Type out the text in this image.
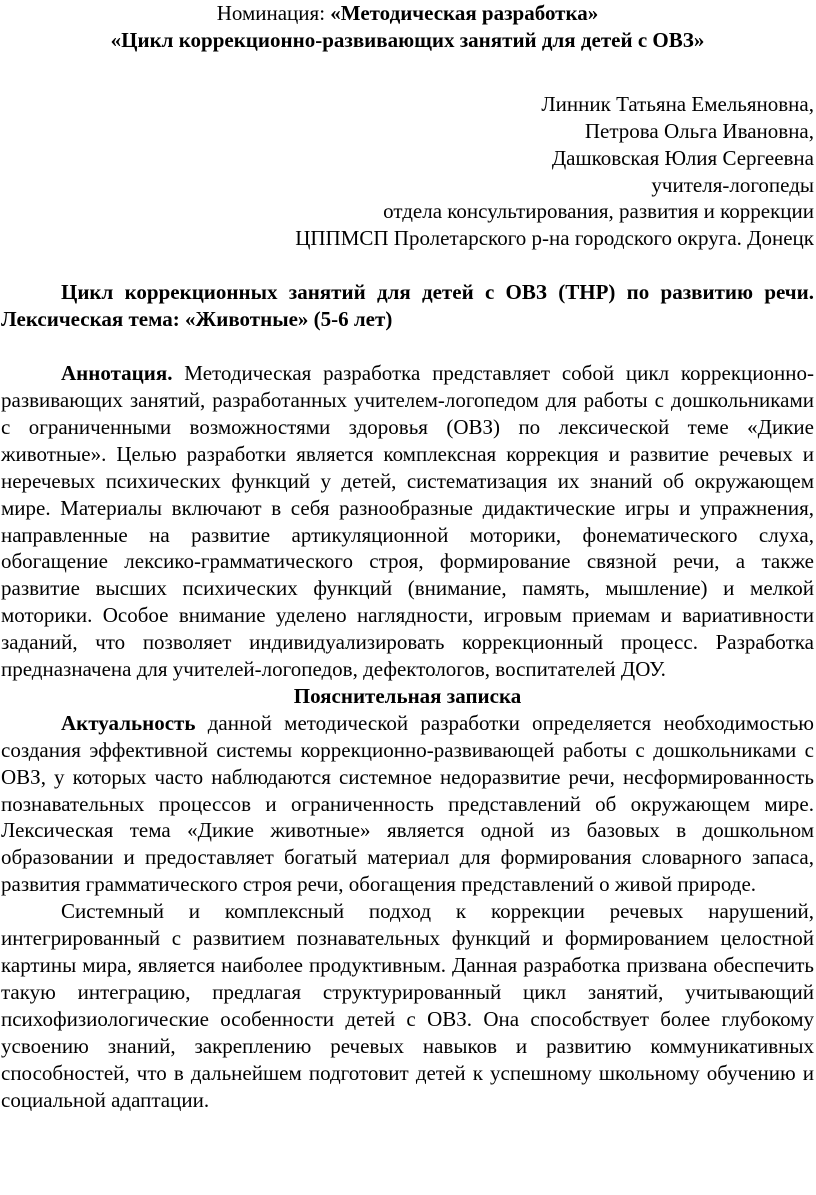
Номинация: «Методическая разработка»

«Цикл коррекционно-развивающих занятий для детей с ОВЗ»

Линник Татьяна Емельяновна,

Петрова Ольга Ивановна,

Дашковская Юлия Сергеевна

учителя-логопеды

отдела консультирования, развития и коррекции

ЦППМСП Пролетарского р-на городского округа. Донецк

Цикл коррекционных занятий для детей с ОВЗ (ТНР) по развитию речи. Лексическая тема: «Животные» (5-6 лет)

Аннотация. Методическая разработка представляет собой цикл коррекционно-развивающих занятий, разработанных учителем-логопедом для работы с дошкольниками с ограниченными возможностями здоровья (ОВЗ) по лексической теме «Дикие животные». Целью разработки является комплексная коррекция и развитие речевых и неречевых психических функций у детей, систематизация их знаний об окружающем мире. Материалы включают в себя разнообразные дидактические игры и упражнения, направленные на развитие артикуляционной моторики, фонематического слуха, обогащение лексико-грамматического строя, формирование связной речи, а также развитие высших психических функций (внимание, память, мышление) и мелкой моторики. Особое внимание уделено наглядности, игровым приемам и вариативности заданий, что позволяет индивидуализировать коррекционный процесс. Разработка предназначена для учителей-логопедов, дефектологов, воспитателей ДОУ.

Пояснительная записка

Актуальность данной методической разработки определяется необходимостью создания эффективной системы коррекционно-развивающей работы с дошкольниками с ОВЗ, у которых часто наблюдаются системное недоразвитие речи, несформированность познавательных процессов и ограниченность представлений об окружающем мире. Лексическая тема «Дикие животные» является одной из базовых в дошкольном образовании и предоставляет богатый материал для формирования словарного запаса, развития грамматического строя речи, обогащения представлений о живой природе.

Системный и комплексный подход к коррекции речевых нарушений, интегрированный с развитием познавательных функций и формированием целостной картины мира, является наиболее продуктивным. Данная разработка призвана обеспечить такую интеграцию, предлагая структурированный цикл занятий, учитывающий психофизиологические особенности детей с ОВЗ. Она способствует более глубокому усвоению знаний, закреплению речевых навыков и развитию коммуникативных способностей, что в дальнейшем подготовит детей к успешному школьному обучению и социальной адаптации.
